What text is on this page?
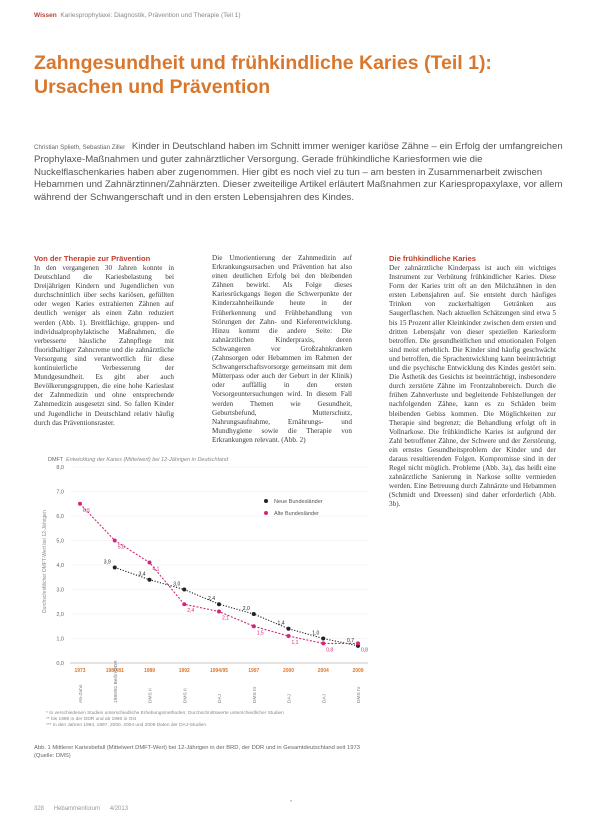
Wissen Kariesprophylaxe: Diagnostik, Prävention und Therapie (Teil 1)
Zahngesundheit und frühkindliche Karies (Teil 1): Ursachen und Prävention
Christian Splieth, Sebastian Ziller Kinder in Deutschland haben im Schnitt immer weniger kariöse Zähne – ein Erfolg der umfangreichen Prophylaxe-Maßnahmen und guter zahnärztlicher Versorgung. Gerade frühkindliche Kariesformen wie die Nuckelflaschenkaries haben aber zugenommen. Hier gibt es noch viel zu tun – am besten in Zusammenarbeit zwischen Hebammen und Zahnärztinnen/Zahnärzten. Dieser zweiteilige Artikel erläutert Maßnahmen zur Kariespropaxylaxe, vor allem während der Schwangerschaft und in den ersten Lebensjahren des Kindes.
Von der Therapie zur Prävention

In den vergangenen 30 Jahren konnte in Deutschland die Kariesbelastung bei Dreijährigen Kindern und Jugendlichen von durchschnittlich über sechs kariösen, gefüllten oder wegen Karies extrahierten Zähnen auf deutlich weniger als einen Zahn reduziert werden (Abb. 1). Breitflächige, gruppen- und individualprophylaktische Maßnahmen, die verbesserte häusliche Zahnpflege mit fluoridhaltiger Zahncreme und die zahnärztliche Versorgung sind verantwortlich für diese kontinuierliche Verbesserung der Mundgesundheit. Es gibt aber auch Bevölkerungsgruppen, die eine hohe Karieslast der Zahnmedizin und ohne entsprechende Zahnmedizin ausgesetzt sind. So fallen Kinder und Jugendliche in Deutschland relativ häufig durch das Präventionsraster.

Die Umorientierung der Zahnmedizin auf Erkrankungsursachen und Prävention hat also einen deutlichen Erfolg bei den bleibenden Zähnen bewirkt. Als Folge dieses Kariesrückgangs liegen die Schwerpunkte der Kinderzahnheilkunde heute in der Früherkennung und Frühbehandlung von Störungen der Zahn- und Kieferentwicklung. Hinzu kommt die andere Seite: Die zahnärztlichen Kinderpraxis, deren Schwangeren vor Großzahnkranken (Zahnsorgen oder Hebammen im Rahmen der Schwangerschaftsvorsorge gemeinsam mit dem Mütterpass oder auch der Geburt in der Klinik) oder auffällig in den ersten Vorsorgeuntersuchungen wird. In diesem Fall werden Themen wie Gesundheit, Geburtsbefund, Mutterschutz, Nahrungsaufnahme, Ernährungs- und Mundhygiene sowie die Therapie von Erkrankungen relevant. (Abb. 2)

Die frühkindliche Karies

Der zahnärztliche Kinderpass ist auch ein wichtiges Instrument zur Verhütung frühkindlicher Karies. Diese Form der Karies tritt oft an den Milchzähnen in den ersten Lebensjahren auf. Sie entsteht durch häufiges Trinken von zuckerhaltigen Getränken aus Saugerflaschen. Nach aktuellen Schätzungen sind etwa 5 bis 15 Prozent aller Kleinkinder zwischen dem ersten und dritten Lebensjahr von dieser speziellen Kariesform betroffen. Die gesundheitlichen und emotionalen Folgen sind meist erheblich. Die Kinder sind häufig geschwächt und betroffen, die Sprachentwicklung kann beeinträchtigt und die psychische Entwicklung des Kindes gestört sein. Die Ästhetik des Gesichts ist beeinträchtigt, insbesondere durch zerstörte Zähne im Frontzahnbereich. Durch die frühen Zahnverluste und begleitende Fehlstellungen der nachfolgenden Zähne, kann es zu Schäden beim bleibenden Gebiss kommen. Die Möglichkeiten zur Therapie sind begrenzt; die Behandlung erfolgt oft in Vollnarkose. Die frühkindliche Karies ist aufgrund der Zahl betroffener Zähne, der Schwere und der Zerstörung, ein ernstes Gesundheitsproblem der Kinder und der daraus resultierenden Folgen. Kompromisse sind in der Regel nicht möglich. Probleme (Abb. 3a), das heißt eine zahnärztliche Sanierung in Narkose sollte vermieden werden. Eine Betreuung durch Zahnärzte und Hebammen (Schmidt und Dreessen) sind daher erforderlich (Abb. 3b).

DMFT Entwicklung der Karies (Mittelwert) bei 12-Jährigen in Deutschland
Durchschnittlicher DMFT-Wert bei 12-Jährigen
8,0
7,0
6,0
5,0
4,0
3,0
2,0
1,0
0,0
3,9
3,4
3,0
2,4
2,0
1,4
1,0
0,7
6,5
5,0
4,1
2,4
2,1
1,5
1,1
0,8	0,8
1973
A5-Zahn
1980/81
1980/81 Berlin DDR	1989
DMS II
1992
DMS II
1994/95
DAJ
1997
DMS III
2000
DAJ
2004
DAJ
2009
DMS IV
Neue Bundesländer
Alte Bundesländer
* In verschiedenen Studien unterschiedliche Erhebungsmethoden; Durchschnittswerte unterschiedlicher Studien
** bis 1989 in der DDR und ab 1990 in Ost
*** in den Jahren 1994, 1997, 2000, 2004 und 2009 Daten der DAJ-Studien
Abb. 1 Mittlerer Kariesbefall (Mittelwert DMFT-Wert) bei 12-Jährigen in der BRD, der DDR und in Gesamtdeutschland seit 1973 (Quelle: DMS)
•
328 Hebammenforum 4/2013
